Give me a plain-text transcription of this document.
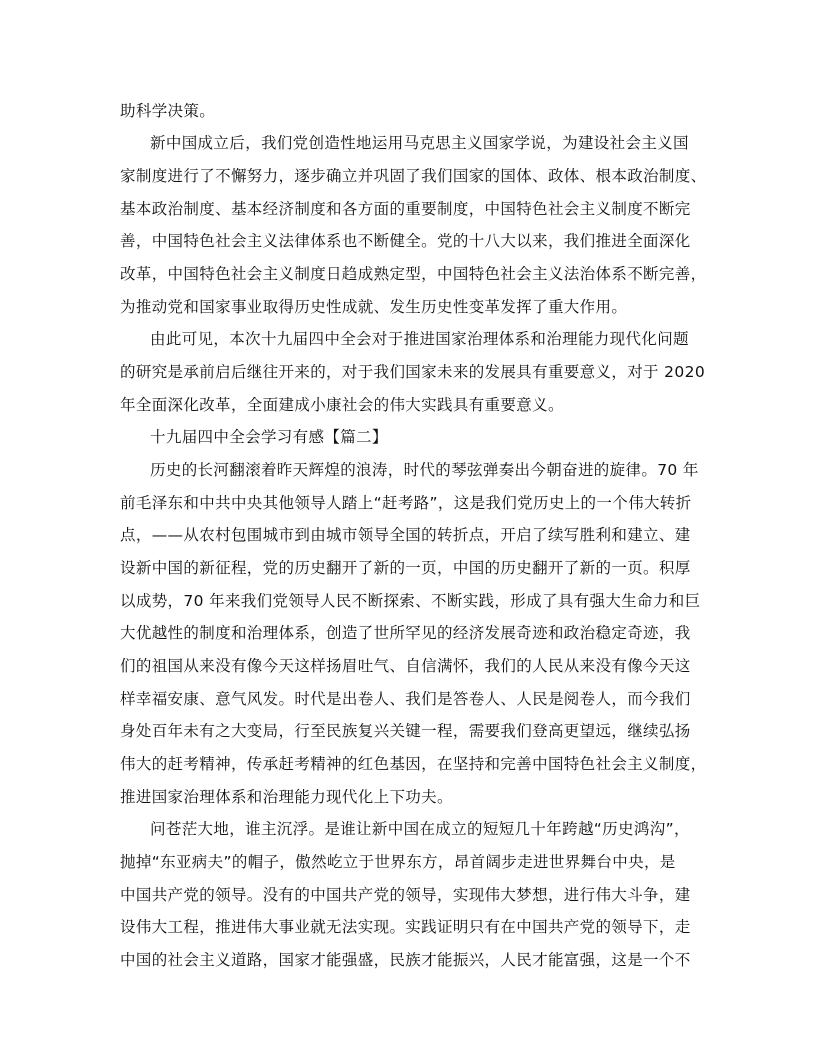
助科学决策。
新中国成立后，我们党创造性地运用马克思主义国家学说，为建设社会主义国
家制度进行了不懈努力，逐步确立并巩固了我们国家的国体、政体、根本政治制度、
基本政治制度、基本经济制度和各方面的重要制度，中国特色社会主义制度不断完
善，中国特色社会主义法律体系也不断健全。党的十八大以来，我们推进全面深化
改革，中国特色社会主义制度日趋成熟定型，中国特色社会主义法治体系不断完善，
为推动党和国家事业取得历史性成就、发生历史性变革发挥了重大作用。
由此可见，本次十九届四中全会对于推进国家治理体系和治理能力现代化问题
的研究是承前启后继往开来的，对于我们国家未来的发展具有重要意义，对于 2020
年全面深化改革，全面建成小康社会的伟大实践具有重要意义。
十九届四中全会学习有感【篇二】
历史的长河翻滚着昨天辉煌的浪涛，时代的琴弦弹奏出今朝奋进的旋律。70 年
前毛泽东和中共中央其他领导人踏上“赶考路”，这是我们党历史上的一个伟大转折
点，——从农村包围城市到由城市领导全国的转折点，开启了续写胜利和建立、建
设新中国的新征程，党的历史翻开了新的一页，中国的历史翻开了新的一页。积厚
以成势，70 年来我们党领导人民不断探索、不断实践，形成了具有强大生命力和巨
大优越性的制度和治理体系，创造了世所罕见的经济发展奇迹和政治稳定奇迹，我
们的祖国从来没有像今天这样扬眉吐气、自信满怀，我们的人民从来没有像今天这
样幸福安康、意气风发。时代是出卷人、我们是答卷人、人民是阅卷人，而今我们
身处百年未有之大变局，行至民族复兴关键一程，需要我们登高更望远，继续弘扬
伟大的赶考精神，传承赶考精神的红色基因，在坚持和完善中国特色社会主义制度，
推进国家治理体系和治理能力现代化上下功夫。
问苍茫大地，谁主沉浮。是谁让新中国在成立的短短几十年跨越“历史鸿沟”，
抛掉“东亚病夫”的帽子，傲然屹立于世界东方，昂首阔步走进世界舞台中央，是
中国共产党的领导。没有的中国共产党的领导，实现伟大梦想，进行伟大斗争，建
设伟大工程，推进伟大事业就无法实现。实践证明只有在中国共产党的领导下，走
中国的社会主义道路，国家才能强盛，民族才能振兴，人民才能富强，这是一个不
